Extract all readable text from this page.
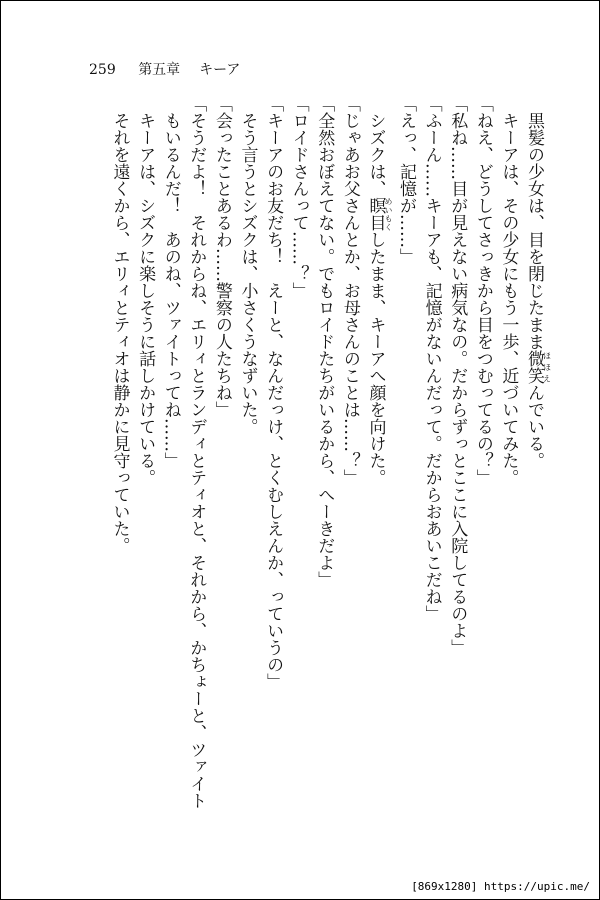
259 第五章 キーア
黒髪の少女は、目を閉じたまま微笑ほほえんでいる。
キーアは、その少女にもう一歩、近づいてみた。
「ねえ、どうしてさっきから目をつむってるの？」
「私ね……目が見えない病気なの。だからずっとここに入院してるのよ」
「ふーん……キーアも、記憶がないんだって。だからおあいこだね」
「えっ、記憶が……」
シズクは、瞑目めいもくしたまま、キーアへ顔を向けた。
「じゃあお父さんとか、お母さんのことは……？」
「全然おぼえてない。でもロイドたちがいるから、へーきだよ」
「ロイドさんって……？」
「キーアのお友だち！　えーと、なんだっけ、とくむしえんか、っていうの」
そう言うとシズクは、小さくうなずいた。
「会ったことあるわ……警察の人たちね」
「そうだよ！　それからね、エリィとランディとティオと、それから、かちょーと、ツァイト
もいるんだ！　あのね、ツァイトってね……」
キーアは、シズクに楽しそうに話しかけている。
それを遠くから、エリィとティオは静かに見守っていた。
[869x1280] https://upic.me/
